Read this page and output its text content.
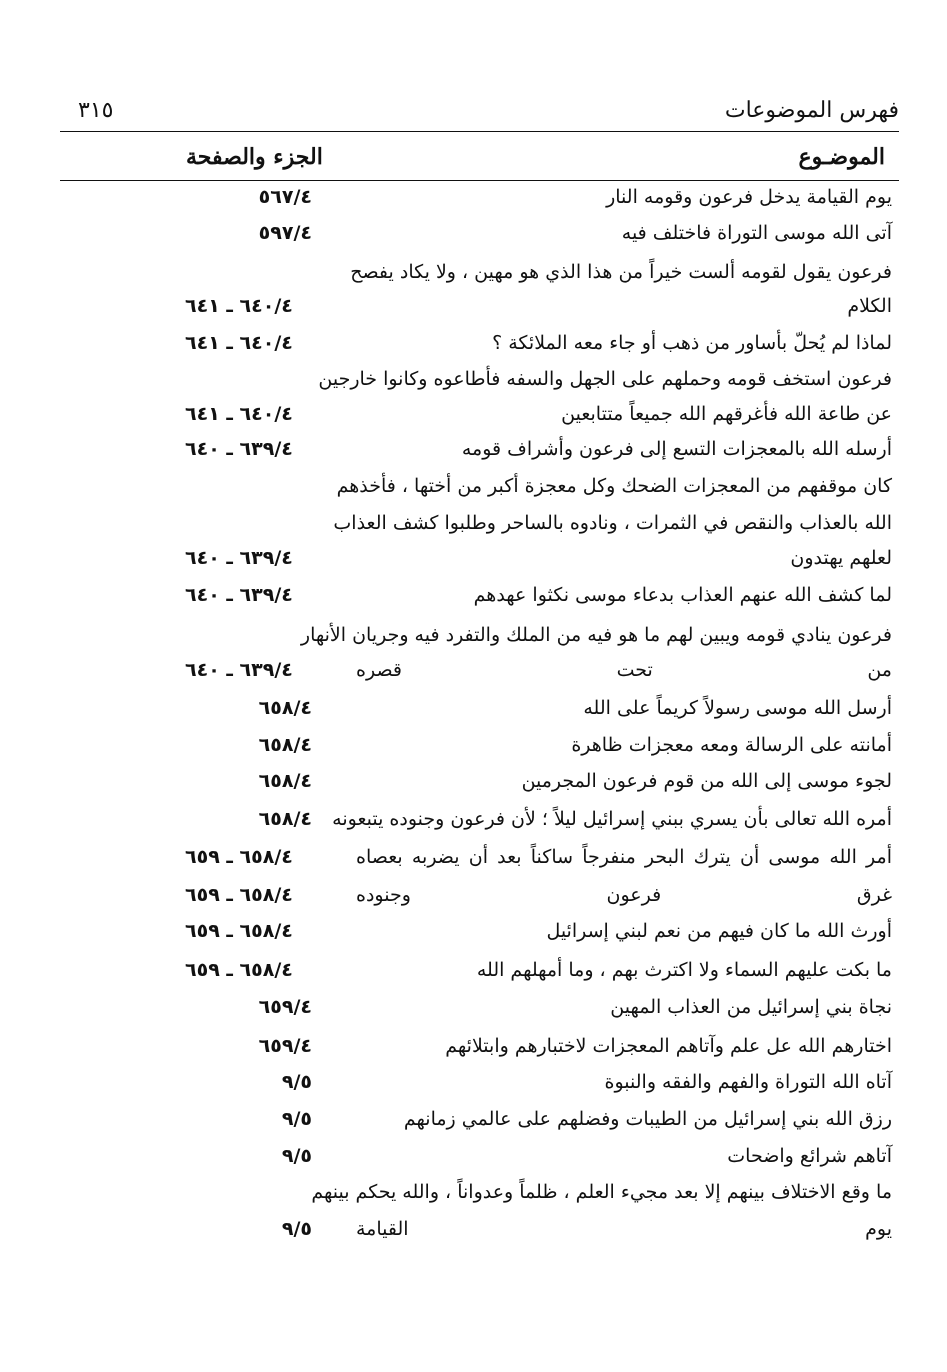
فهرس الموضوعات
٣١٥
الموضـوع
الجزء والصفحة
يوم القيامة يدخل فرعون وقومه النار
٥٦٧/٤
آتى الله موسى التوراة فاختلف فيه
٥٩٧/٤
فرعون يقول لقومه ألست خيراً من هذا الذي هو مهين ، ولا يكاد يفصح
الكلام
٦٤٠/٤ ـ ٦٤١
لماذا لم يُحلّ بأساور من ذهب أو جاء معه الملائكة ؟
٦٤٠/٤ ـ ٦٤١
فرعون استخف قومه وحملهم على الجهل والسفه فأطاعوه وكانوا خارجين
عن طاعة الله فأغرقهم الله جميعاً متتابعين
٦٤٠/٤ ـ ٦٤١
أرسله الله بالمعجزات التسع إلى فرعون وأشراف قومه
٦٣٩/٤ ـ ٦٤٠
كان موقفهم من المعجزات الضحك وكل معجزة أكبر من أختها ، فأخذهم
الله بالعذاب والنقص في الثمرات ، ونادوه بالساحر وطلبوا كشف العذاب
لعلهم يهتدون
٦٣٩/٤ ـ ٦٤٠
لما كشف الله عنهم العذاب بدعاء موسى نكثوا عهدهم
٦٣٩/٤ ـ ٦٤٠
فرعون ينادي قومه ويبين لهم ما هو فيه من الملك والتفرد فيه وجريان الأنهار
من تحت قصره
٦٣٩/٤ ـ ٦٤٠
أرسل الله موسى رسولاً كريماً على الله
٦٥٨/٤
أمانته على الرسالة ومعه معجزات ظاهرة
٦٥٨/٤
لجوء موسى إلى الله من قوم فرعون المجرمين
٦٥٨/٤
أمره الله تعالى بأن يسري ببني إسرائيل ليلاً ؛ لأن فرعون وجنوده يتبعونه
٦٥٨/٤
أمر الله موسى أن يترك البحر منفرجاً ساكناً بعد أن يضربه بعصاه
٦٥٨/٤ ـ ٦٥٩
غرق فرعون وجنوده
٦٥٨/٤ ـ ٦٥٩
أورث الله ما كان فيهم من نعم لبني إسرائيل
٦٥٨/٤ ـ ٦٥٩
ما بكت عليهم السماء ولا اكترث بهم ، وما أمهلهم الله
٦٥٨/٤ ـ ٦٥٩
نجاة بني إسرائيل من العذاب المهين
٦٥٩/٤
اختارهم الله عل علم وآتاهم المعجزات لاختبارهم وابتلائهم
٦٥٩/٤
آتاه الله التوراة والفهم والفقه والنبوة
٩/٥
رزق الله بني إسرائيل من الطيبات وفضلهم على عالمي زمانهم
٩/٥
آتاهم شرائع واضحات
٩/٥
ما وقع الاختلاف بينهم إلا بعد مجيء العلم ، ظلماً وعدواناً ، والله يحكم بينهم
يوم القيامة
٩/٥
